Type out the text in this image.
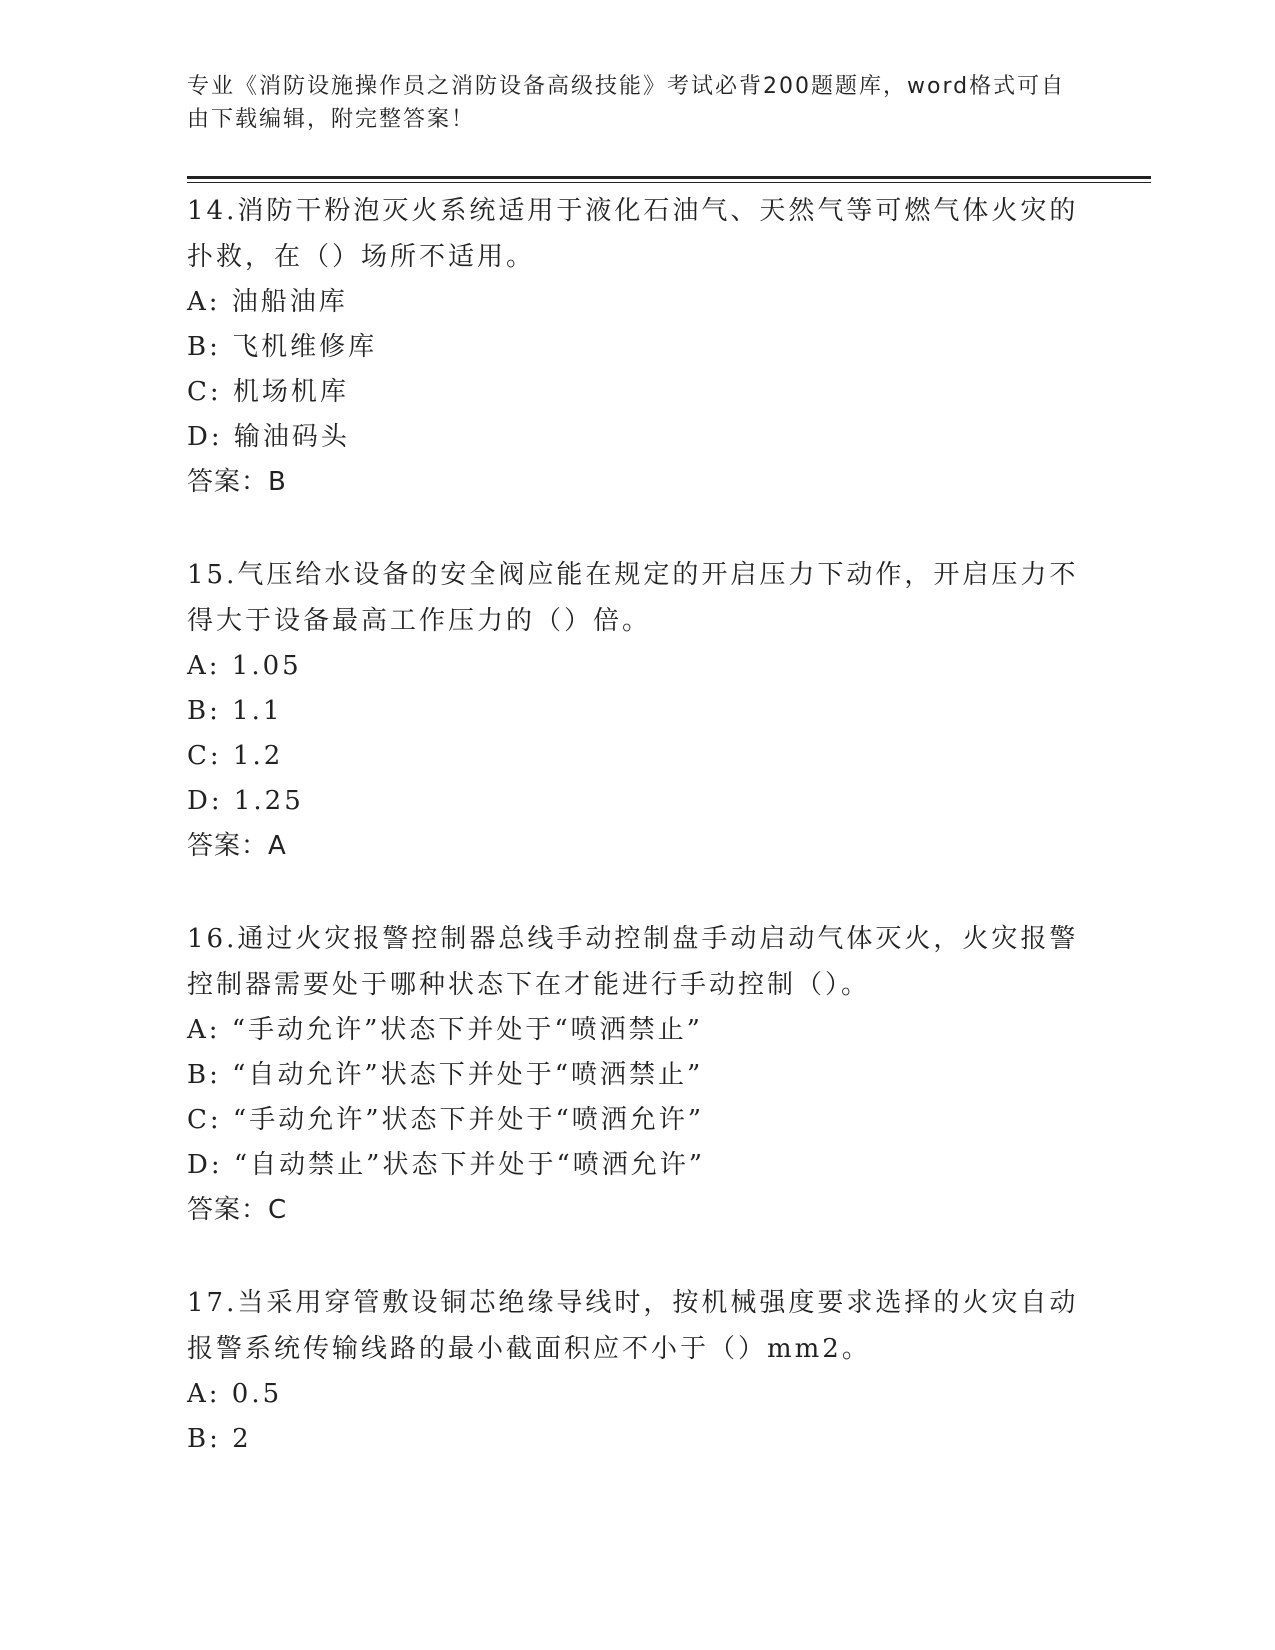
专业《消防设施操作员之消防设备高级技能》考试必背200题题库，word格式可自由下载编辑，附完整答案！

14.消防干粉泡灭火系统适用于液化石油气、天然气等可燃气体火灾的扑救，在（）场所不适用。

A: 油船油库
B: 飞机维修库
C: 机场机库
D: 输油码头
答案：B

15.气压给水设备的安全阀应能在规定的开启压力下动作，开启压力不得大于设备最高工作压力的（）倍。

A: 1.05
B: 1.1
C: 1.2
D: 1.25
答案：A

16.通过火灾报警控制器总线手动控制盘手动启动气体灭火，火灾报警控制器需要处于哪种状态下在才能进行手动控制（）。

A: “手动允许”状态下并处于“喷洒禁止”
B: “自动允许”状态下并处于“喷洒禁止”
C: “手动允许”状态下并处于“喷洒允许”
D: “自动禁止”状态下并处于“喷洒允许”
答案：C

17.当采用穿管敷设铜芯绝缘导线时，按机械强度要求选择的火灾自动报警系统传输线路的最小截面积应不小于（）mm2。

A: 0.5
B: 2
